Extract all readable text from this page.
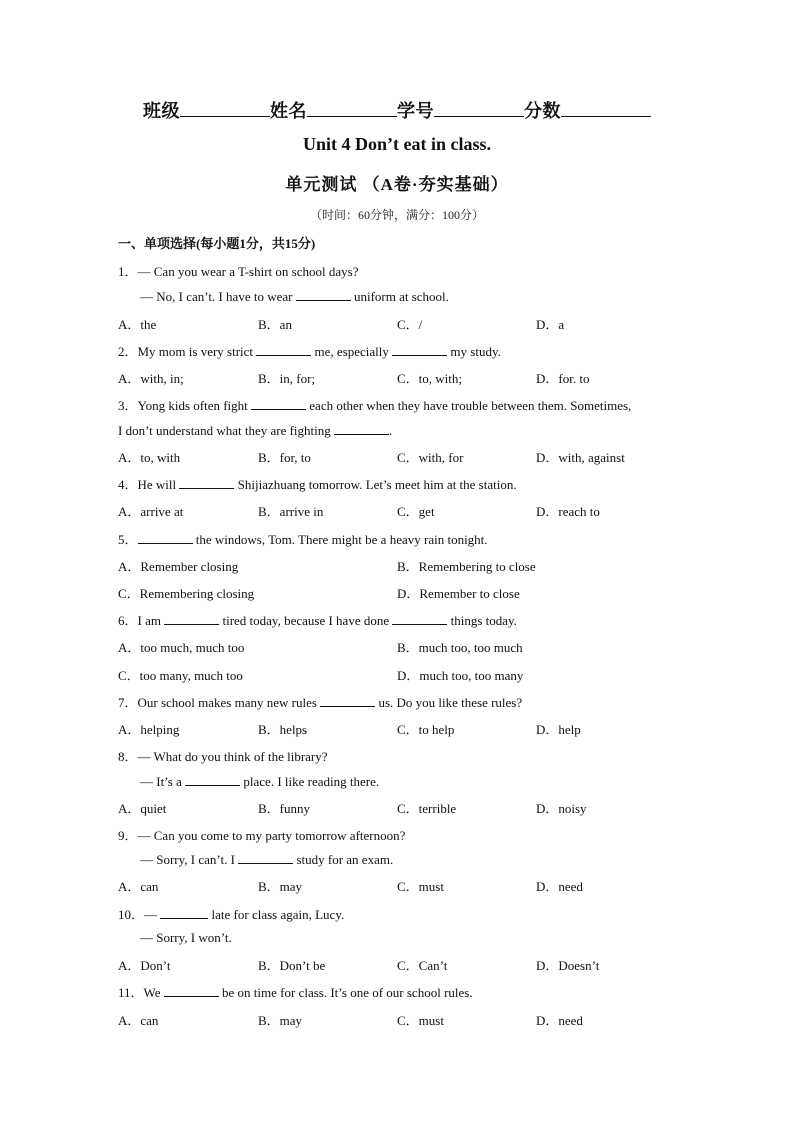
班级	姓名	学号	分数
Unit 4 Don’t eat in class.
单元测试 （A卷·夯实基础）
（时间：60分钟，满分：100分）
一、单项选择(每小题1分，共15分)
1．— Can you wear a T-shirt on school days?
— No, I can’t. I have to wear	uniform at school.
A．the	B．an	C．/	D．a
2．My mom is very strict	me, especially	my study.
A．with, in;	B．in, for;	C．to, with;	D．for. to
3．Yong kids often fight	each other when they have trouble between them. Sometimes,
I don’t understand what they are fighting	.
A．to, with	B．for, to	C．with, for	D．with, against
4．He will	Shijiazhuang tomorrow. Let’s meet him at the station.
A．arrive at	B．arrive in	C．get	D．reach to
5．	the windows, Tom. There might be a heavy rain tonight.
A．Remember closing	B．Remembering to close
C．Remembering closing	D．Remember to close
6．I am	tired today, because I have done	things today.
A．too much, much too	B．much too, too much
C．too many, much too	D．much too, too many
7．Our school makes many new rules	us. Do you like these rules?
A．helping	B．helps	C．to help	D．help
8．— What do you think of the library?
— It’s a	place. I like reading there.
A．quiet	B．funny	C．terrible	D．noisy
9．— Can you come to my party tomorrow afternoon?
— Sorry, I can’t. I	study for an exam.
A．can	B．may	C．must	D．need
10．—	late for class again, Lucy.
— Sorry, I won’t.
A．Don’t	B．Don’t be	C．Can’t	D．Doesn’t
11．We	be on time for class. It’s one of our school rules.
A．can	B．may	C．must	D．need
